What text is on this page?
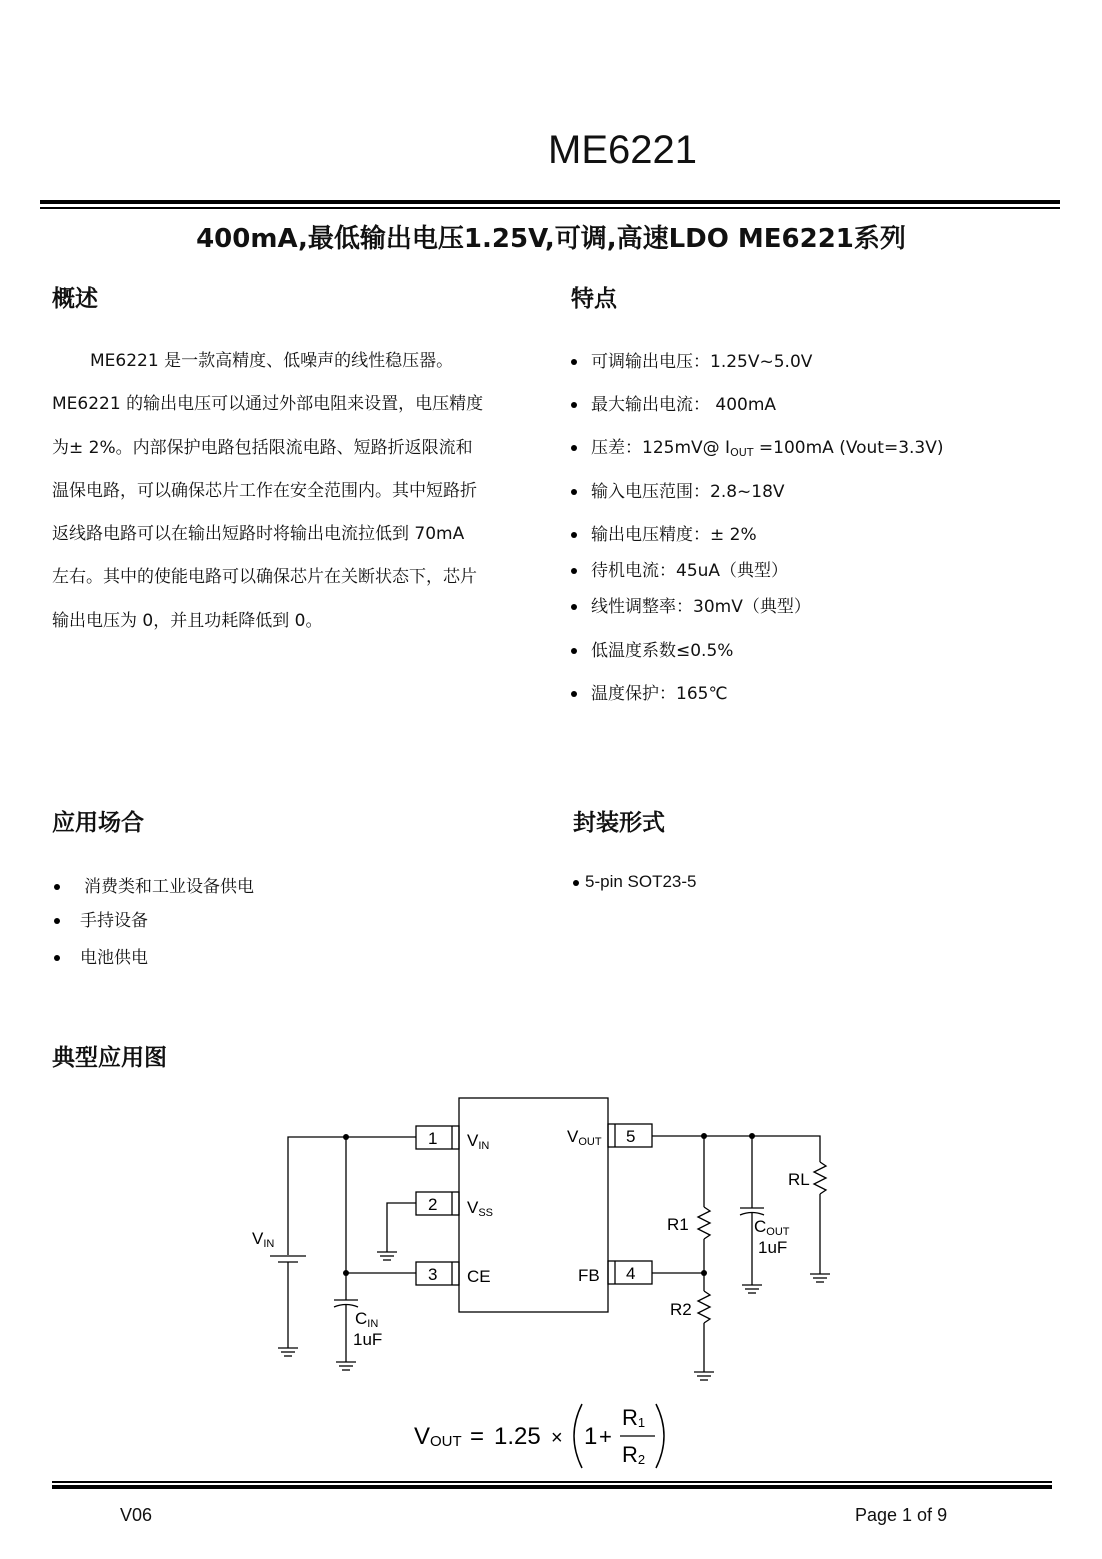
ME6221
400mA,最低输出电压1.25V,可调,高速LDO ME6221系列
概述
ME6221 是一款高精度、低噪声的线性稳压器。
ME6221 的输出电压可以通过外部电阻来设置，电压精度
为± 2%。内部保护电路包括限流电路、短路折返限流和
温保电路，可以确保芯片工作在安全范围内。其中短路折
返线路电路可以在输出短路时将输出电流拉低到 70mA
左右。其中的使能电路可以确保芯片在关断状态下，芯片
输出电压为 0，并且功耗降低到 0。
特点
可调输出电压：1.25V~5.0V
最大输出电流： 400mA
压差：125mV@ $I_{OUT} =100mA$ (Vout=3.3V)
输入电压范围：2.8~18V
输出电压精度：± 2%
待机电流：45uA（典型）
线性调整率：30mV（典型）
低温度系数≤0.5%
温度保护：165℃
应用场合
消费类和工业设备供电
手持设备
电池供电
封装形式
5-pin SOT23-5
典型应用图
1
2
3
5
4
VIN
VSS
CE
VOUT
FB
VIN
CIN
1uF
COUT
1uF
R1
R2
RL
VOUT = 1.25 × 1 +
R1
R2
V06	Page 1 of 9
